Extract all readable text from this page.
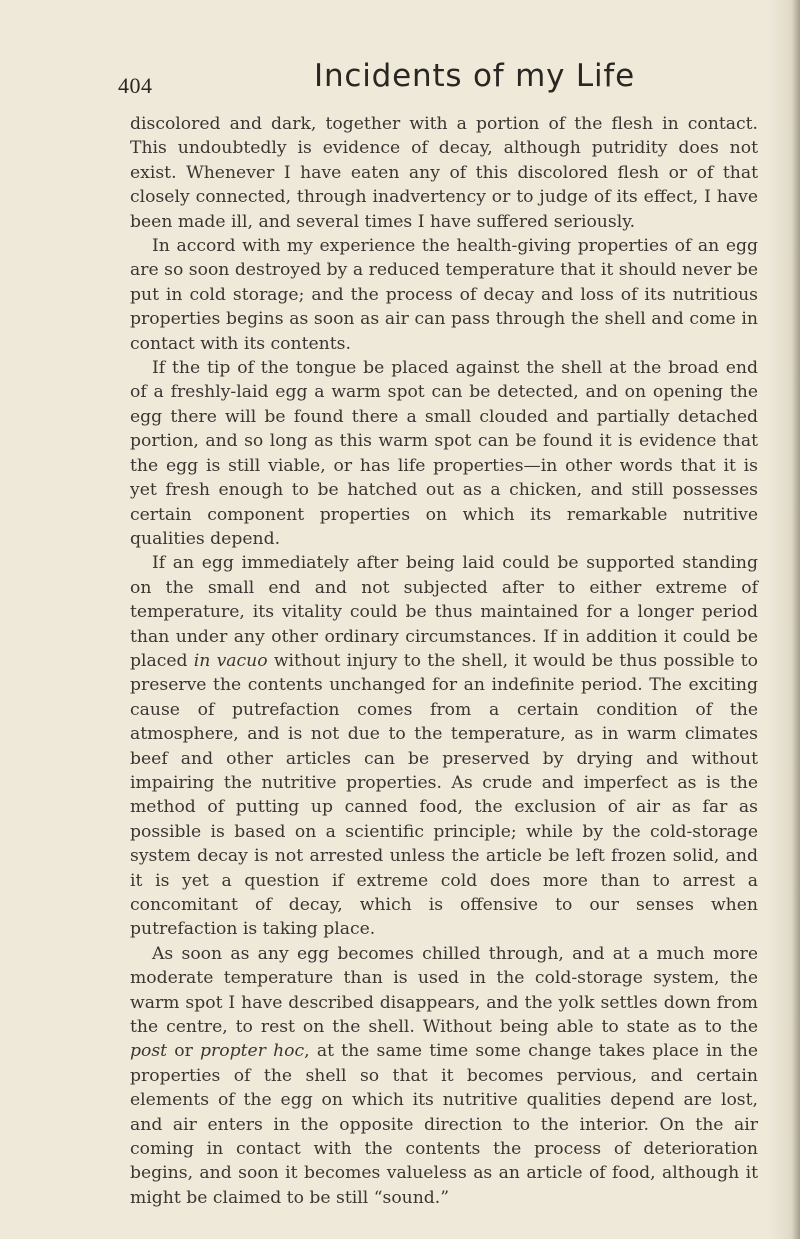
404	Incidents of my Life

discolored and dark, together with a portion of the flesh in contact. This undoubtedly is evidence of decay, although putridity does not exist. Whenever I have eaten any of this discolored flesh or of that closely connected, through inadvertency or to judge of its effect, I have been made ill, and several times I have suffered seriously.

In accord with my experience the health-giving properties of an egg are so soon destroyed by a reduced temperature that it should never be put in cold storage; and the process of decay and loss of its nutritious properties begins as soon as air can pass through the shell and come in contact with its contents.

If the tip of the tongue be placed against the shell at the broad end of a freshly-laid egg a warm spot can be detected, and on opening the egg there will be found there a small clouded and partially detached portion, and so long as this warm spot can be found it is evidence that the egg is still viable, or has life properties—in other words that it is yet fresh enough to be hatched out as a chicken, and still possesses certain component properties on which its remarkable nutritive qualities depend.

If an egg immediately after being laid could be supported standing on the small end and not subjected after to either extreme of temperature, its vitality could be thus maintained for a longer period than under any other ordinary circumstances. If in addition it could be placed in vacuo without injury to the shell, it would be thus possible to preserve the contents unchanged for an indefinite period. The exciting cause of putrefaction comes from a certain condition of the atmosphere, and is not due to the temperature, as in warm climates beef and other articles can be preserved by drying and without impairing the nutritive properties. As crude and imperfect as is the method of putting up canned food, the exclusion of air as far as possible is based on a scientific principle; while by the cold-storage system decay is not arrested unless the article be left frozen solid, and it is yet a question if extreme cold does more than to arrest a concomitant of decay, which is offensive to our senses when putrefaction is taking place.

As soon as any egg becomes chilled through, and at a much more moderate temperature than is used in the cold-storage system, the warm spot I have described disappears, and the yolk settles down from the centre, to rest on the shell. Without being able to state as to the post or propter hoc, at the same time some change takes place in the properties of the shell so that it becomes pervious, and certain elements of the egg on which its nutritive qualities depend are lost, and air enters in the opposite direction to the interior. On the air coming in contact with the contents the process of deterioration begins, and soon it becomes valueless as an article of food, although it might be claimed to be still “sound.”
